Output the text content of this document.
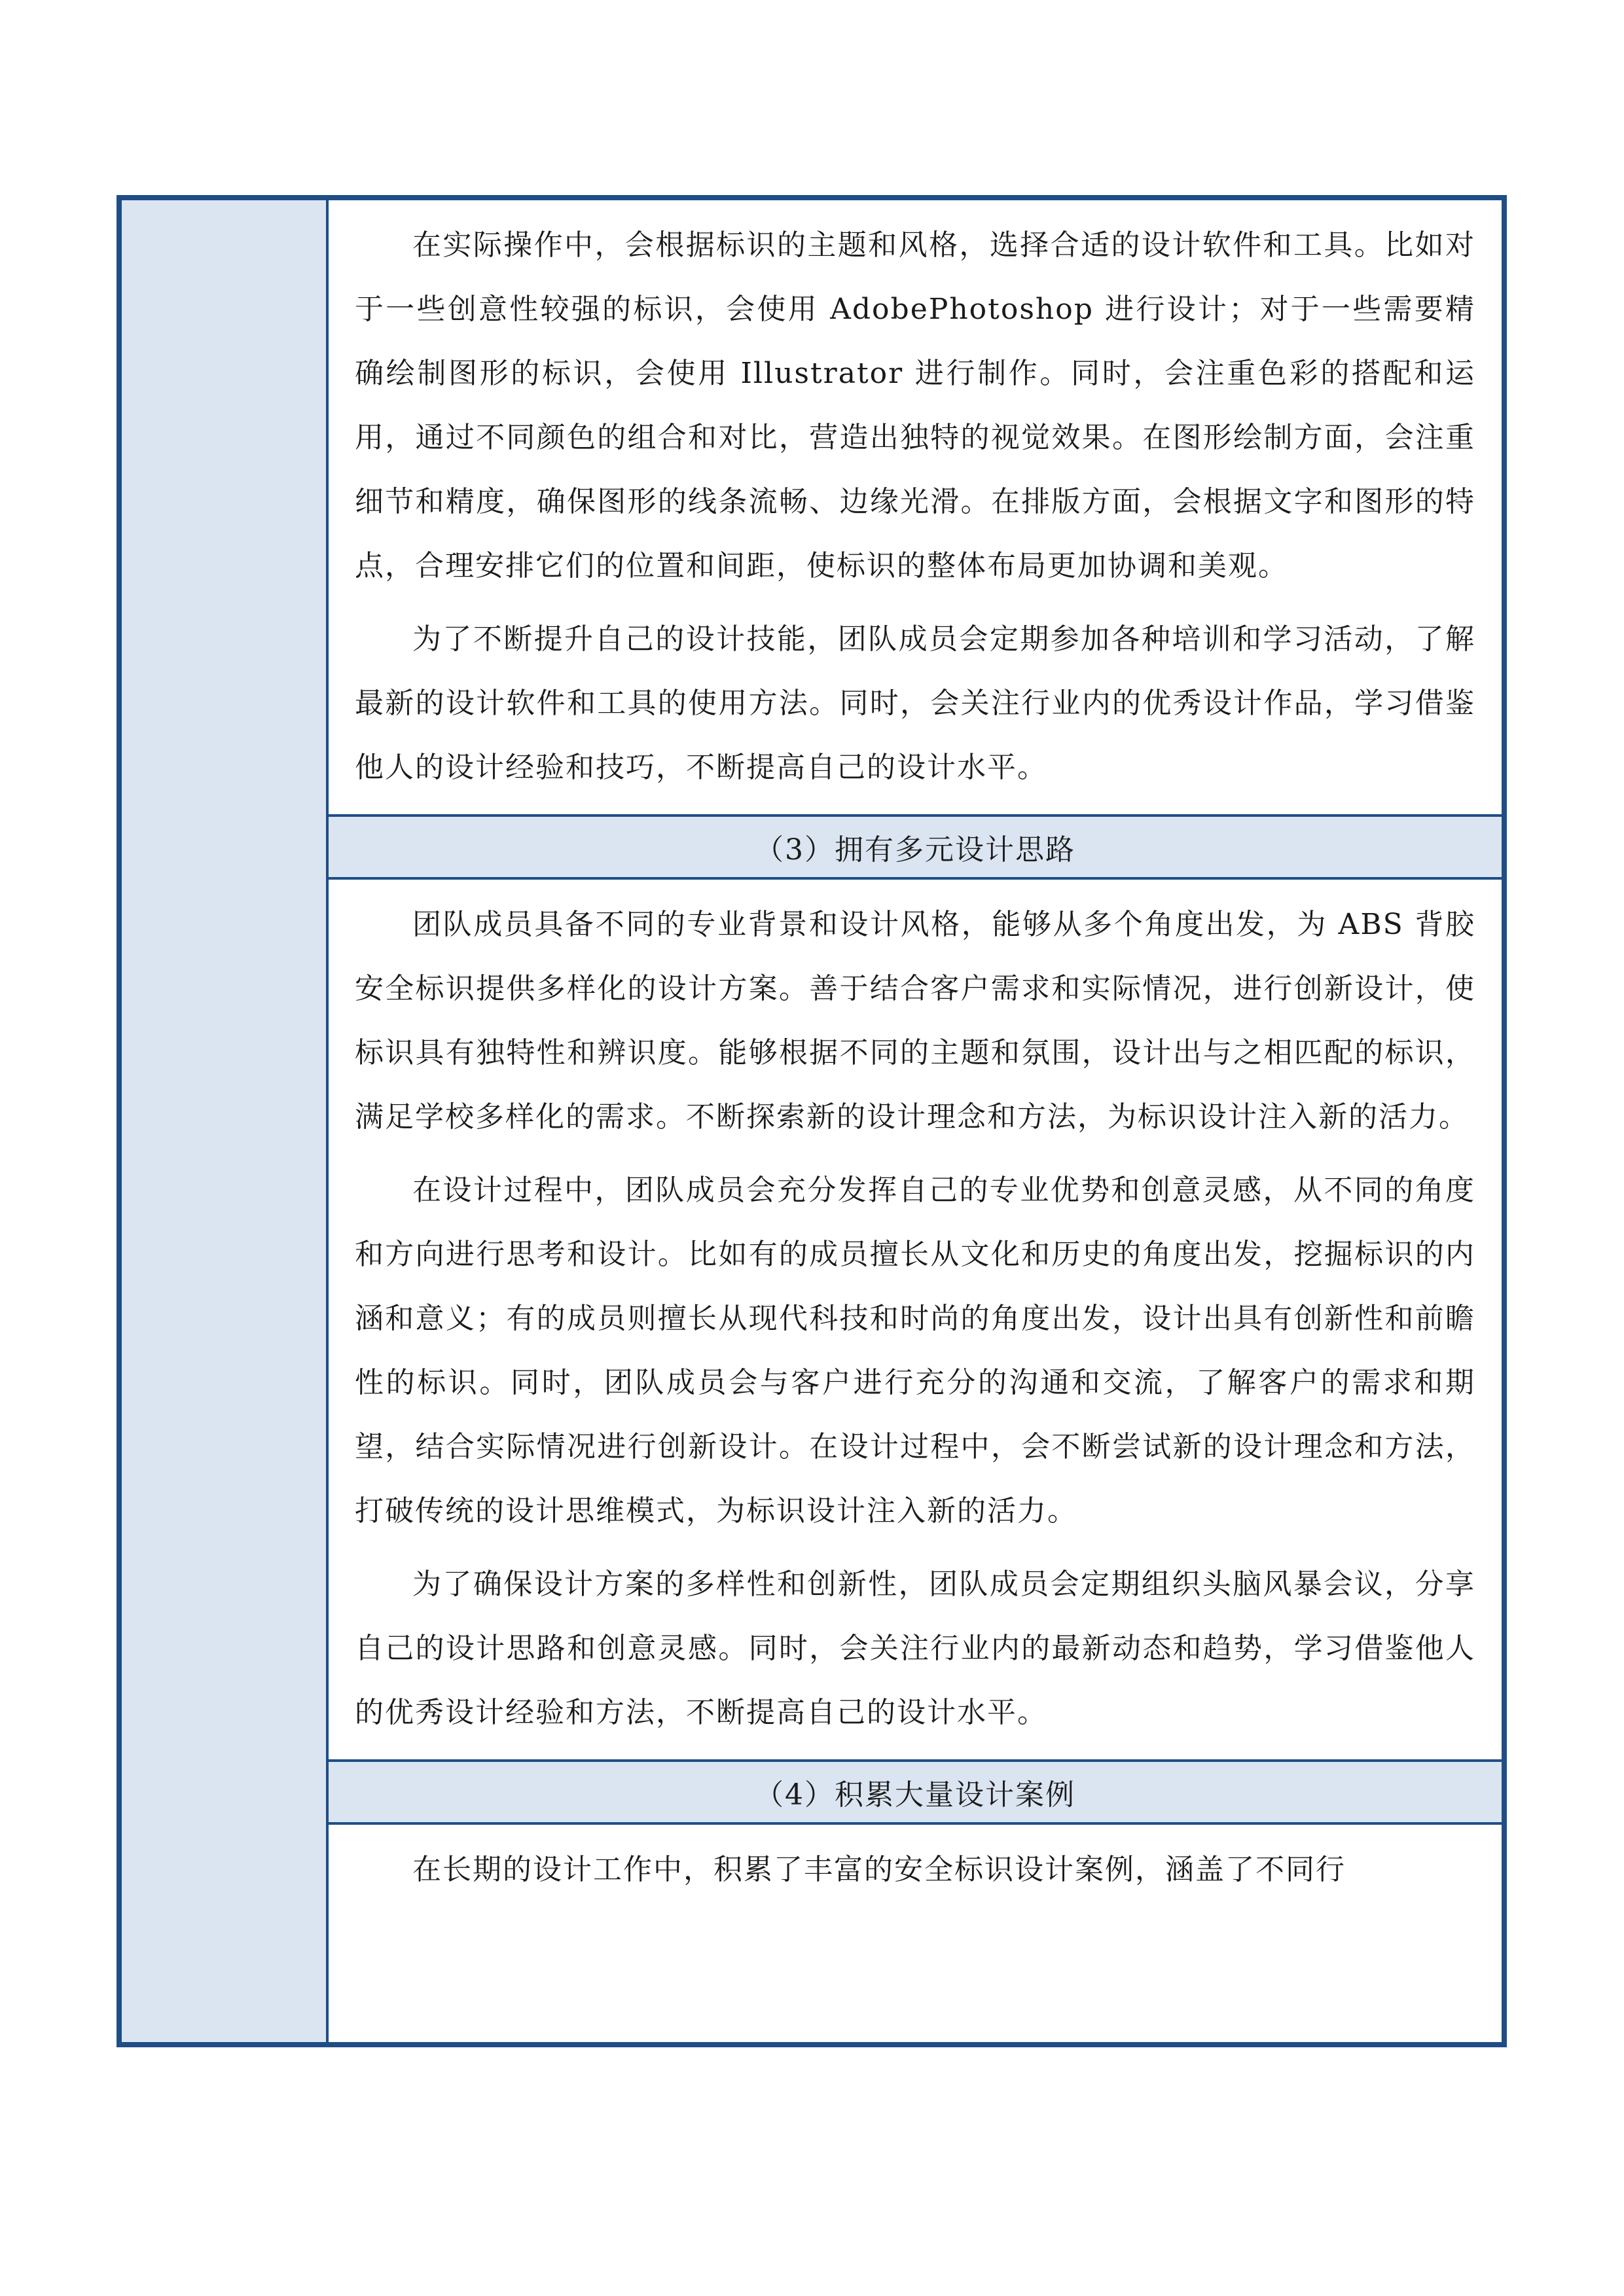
在实际操作中，会根据标识的主题和风格，选择合适的设计软件和工具。比如对于一些创意性较强的标识，会使用 AdobePhotoshop 进行设计；对于一些需要精确绘制图形的标识，会使用 Illustrator 进行制作。同时，会注重色彩的搭配和运用，通过不同颜色的组合和对比，营造出独特的视觉效果。在图形绘制方面，会注重细节和精度，确保图形的线条流畅、边缘光滑。在排版方面，会根据文字和图形的特点，合理安排它们的位置和间距，使标识的整体布局更加协调和美观。

为了不断提升自己的设计技能，团队成员会定期参加各种培训和学习活动，了解最新的设计软件和工具的使用方法。同时，会关注行业内的优秀设计作品，学习借鉴他人的设计经验和技巧，不断提高自己的设计水平。

（3）拥有多元设计思路

团队成员具备不同的专业背景和设计风格，能够从多个角度出发，为 ABS 背胶安全标识提供多样化的设计方案。善于结合客户需求和实际情况，进行创新设计，使标识具有独特性和辨识度。能够根据不同的主题和氛围，设计出与之相匹配的标识，满足学校多样化的需求。不断探索新的设计理念和方法，为标识设计注入新的活力。

在设计过程中，团队成员会充分发挥自己的专业优势和创意灵感，从不同的角度和方向进行思考和设计。比如有的成员擅长从文化和历史的角度出发，挖掘标识的内涵和意义；有的成员则擅长从现代科技和时尚的角度出发，设计出具有创新性和前瞻性的标识。同时，团队成员会与客户进行充分的沟通和交流，了解客户的需求和期望，结合实际情况进行创新设计。在设计过程中，会不断尝试新的设计理念和方法，打破传统的设计思维模式，为标识设计注入新的活力。

为了确保设计方案的多样性和创新性，团队成员会定期组织头脑风暴会议，分享自己的设计思路和创意灵感。同时，会关注行业内的最新动态和趋势，学习借鉴他人的优秀设计经验和方法，不断提高自己的设计水平。

（4）积累大量设计案例

在长期的设计工作中，积累了丰富的安全标识设计案例，涵盖了不同行
